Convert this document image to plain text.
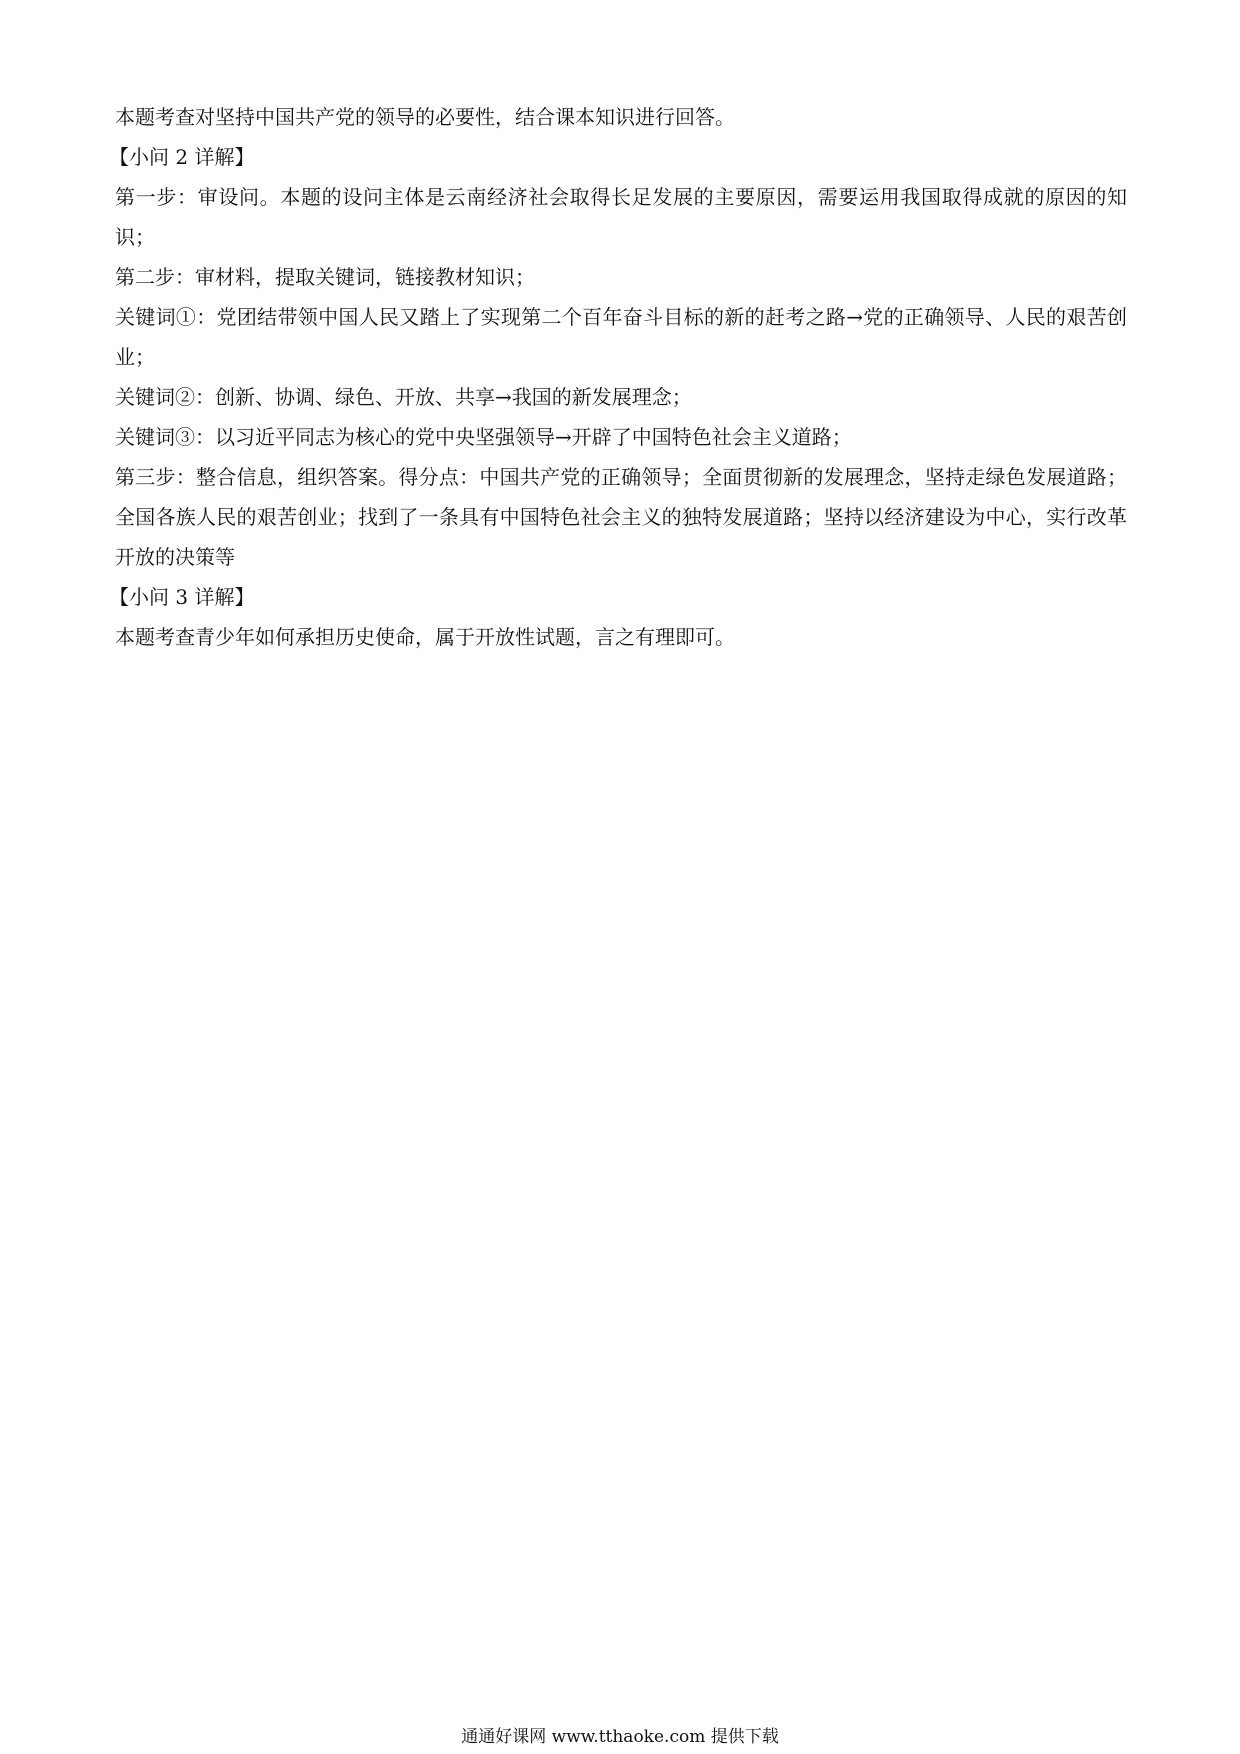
本题考查对坚持中国共产党的领导的必要性，结合课本知识进行回答。

【小问 2 详解】

第一步：审设问。本题的设问主体是云南经济社会取得长足发展的主要原因，需要运用我国取得成就的原因的知识；

第二步：审材料，提取关键词，链接教材知识；

关键词①：党团结带领中国人民又踏上了实现第二个百年奋斗目标的新的赶考之路→党的正确领导、人民的艰苦创业；

关键词②：创新、协调、绿色、开放、共享→我国的新发展理念；

关键词③：以习近平同志为核心的党中央坚强领导→开辟了中国特色社会主义道路；

第三步：整合信息，组织答案。得分点：中国共产党的正确领导；全面贯彻新的发展理念，坚持走绿色发展道路；全国各族人民的艰苦创业；找到了一条具有中国特色社会主义的独特发展道路；坚持以经济建设为中心，实行改革开放的决策等

【小问 3 详解】

本题考查青少年如何承担历史使命，属于开放性试题，言之有理即可。

通通好课网 www.tthaoke.com 提供下载
